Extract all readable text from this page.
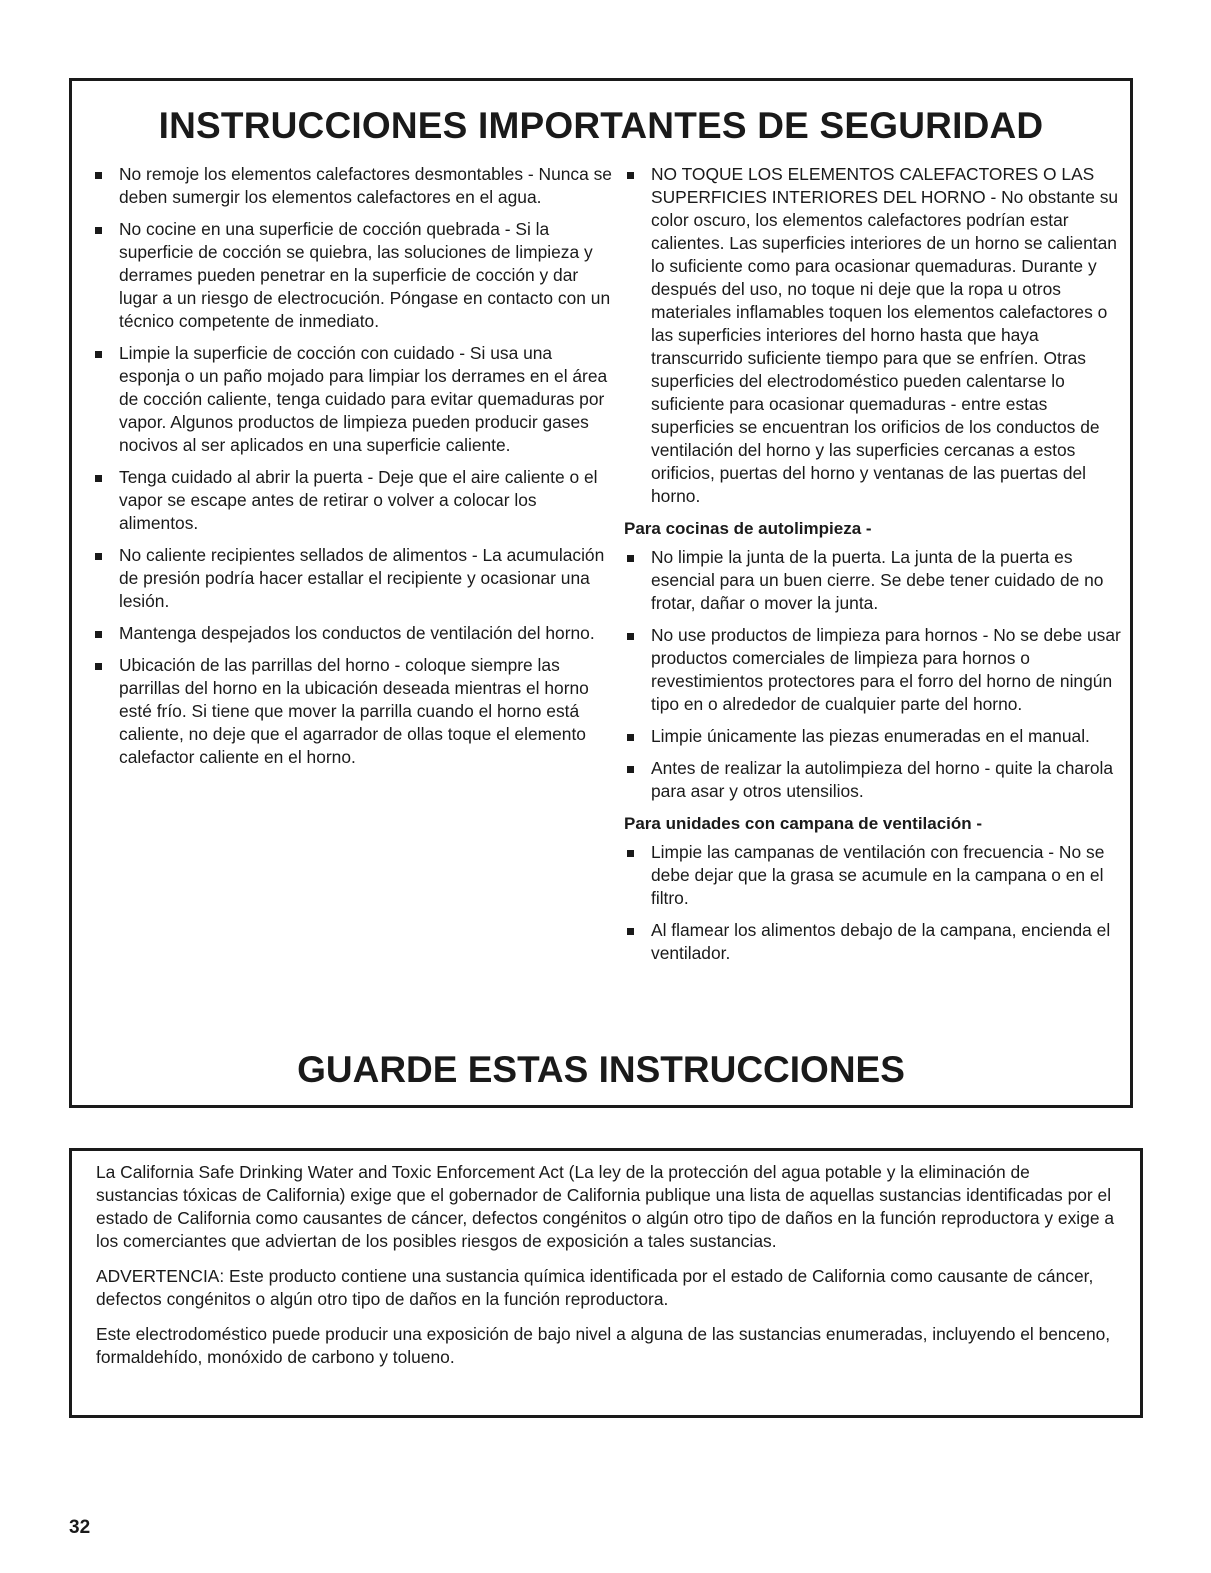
INSTRUCCIONES IMPORTANTES DE SEGURIDAD
No remoje los elementos calefactores desmontables - Nunca se deben sumergir los elementos calefactores en el agua.
No cocine en una superficie de cocción quebrada - Si la superficie de cocción se quiebra, las soluciones de limpieza y derrames pueden penetrar en la superficie de cocción y dar lugar a un riesgo de electrocución. Póngase en contacto con un técnico competente de inmediato.
Limpie la superficie de cocción con cuidado - Si usa una esponja o un paño mojado para limpiar los derrames en el área de cocción caliente, tenga cuidado para evitar quemaduras por vapor. Algunos productos de limpieza pueden producir gases nocivos al ser aplicados en una superficie caliente.
Tenga cuidado al abrir la puerta - Deje que el aire caliente o el vapor se escape antes de retirar o volver a colocar los alimentos.
No caliente recipientes sellados de alimentos - La acumulación de presión podría hacer estallar el recipiente y ocasionar una lesión.
Mantenga despejados los conductos de ventilación del horno.
Ubicación de las parrillas del horno - coloque siempre las parrillas del horno en la ubicación deseada mientras el horno esté frío. Si tiene que mover la parrilla cuando el horno está caliente, no deje que el agarrador de ollas toque el elemento calefactor caliente en el horno.
NO TOQUE LOS ELEMENTOS CALEFACTORES O LAS SUPERFICIES INTERIORES DEL HORNO - No obstante su color oscuro, los elementos calefactores podrían estar calientes. Las superficies interiores de un horno se calientan lo suficiente como para ocasionar quemaduras. Durante y después del uso, no toque ni deje que la ropa u otros materiales inflamables toquen los elementos calefactores o las superficies interiores del horno hasta que haya transcurrido suficiente tiempo para que se enfríen. Otras superficies del electrodoméstico pueden calentarse lo suficiente para ocasionar quemaduras - entre estas superficies se encuentran los orificios de los conductos de ventilación del horno y las superficies cercanas a estos orificios, puertas del horno y ventanas de las puertas del horno.
Para cocinas de autolimpieza -
No limpie la junta de la puerta. La junta de la puerta es esencial para un buen cierre. Se debe tener cuidado de no frotar, dañar o mover la junta.
No use productos de limpieza para hornos - No se debe usar productos comerciales de limpieza para hornos o revestimientos protectores para el forro del horno de ningún tipo en o alrededor de cualquier parte del horno.
Limpie únicamente las piezas enumeradas en el manual.
Antes de realizar la autolimpieza del horno - quite la charola para asar y otros utensilios.
Para unidades con campana de ventilación -
Limpie las campanas de ventilación con frecuencia - No se debe dejar que la grasa se acumule en la campana o en el filtro.
Al flamear los alimentos debajo de la campana, encienda el ventilador.
GUARDE ESTAS INSTRUCCIONES

La California Safe Drinking Water and Toxic Enforcement Act (La ley de la protección del agua potable y la eliminación de sustancias tóxicas de California) exige que el gobernador de California publique una lista de aquellas sustancias identificadas por el estado de California como causantes de cáncer, defectos congénitos o algún otro tipo de daños en la función reproductora y exige a los comerciantes que adviertan de los posibles riesgos de exposición a tales sustancias.

ADVERTENCIA: Este producto contiene una sustancia química identificada por el estado de California como causante de cáncer, defectos congénitos o algún otro tipo de daños en la función reproductora.

Este electrodoméstico puede producir una exposición de bajo nivel a alguna de las sustancias enumeradas, incluyendo el benceno, formaldehído, monóxido de carbono y tolueno.

32
